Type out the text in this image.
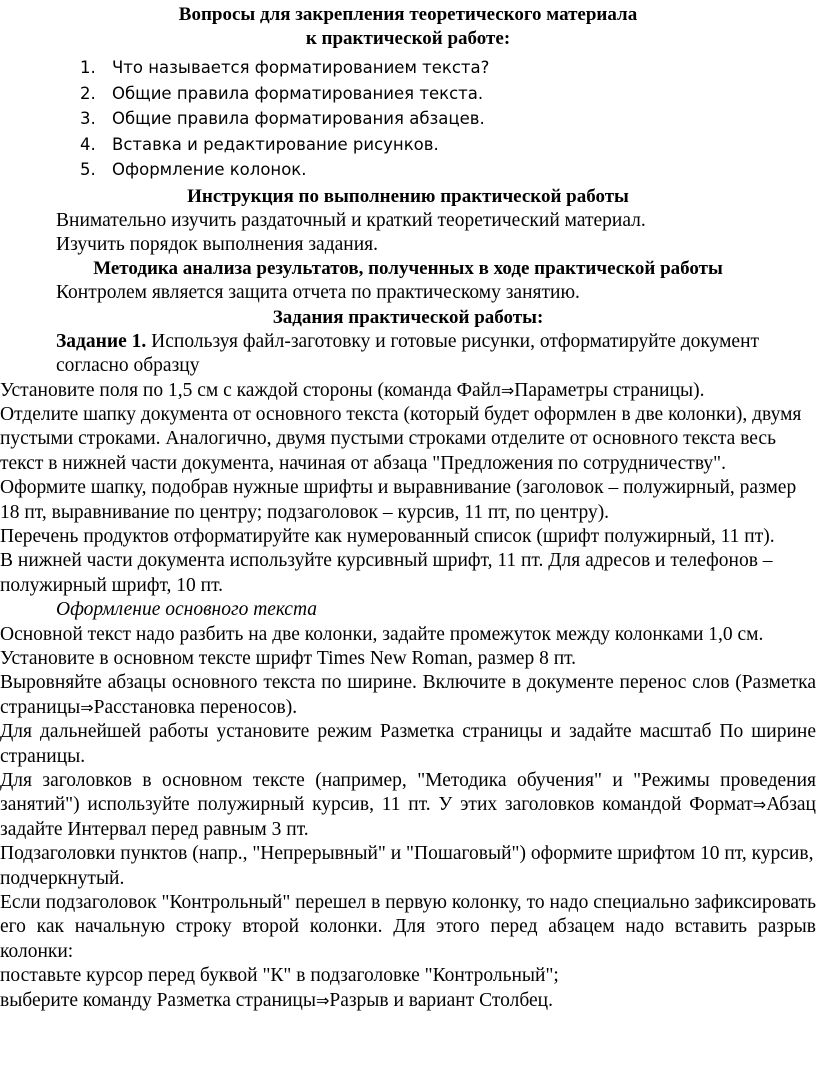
Вопросы для закрепления теоретического материала
к практической работе:
1. Что называется форматированием текста?
2. Общие правила форматированиея текста.
3. Общие правила форматирования абзацев.
4. Вставка и редактирование рисунков.
5. Оформление колонок.
Инструкция по выполнению практической работы

Внимательно изучить раздаточный и краткий теоретический материал.

Изучить порядок выполнения задания.

Методика анализа результатов, полученных в ходе практической работы

Контролем является защита отчета по практическому занятию.

Задания практической работы:

Задание 1. Используя файл-заготовку и готовые рисунки, отформатируйте документ согласно образцу

Установите поля по 1,5 см с каждой стороны (команда Файл⇒Параметры страницы).

Отделите шапку документа от основного текста (который будет оформлен в две колонки), двумя пустыми строками. Аналогично, двумя пустыми строками отделите от основного текста весь текст в нижней части документа, начиная от абзаца "Предложения по сотрудничеству".

Оформите шапку, подобрав нужные шрифты и выравнивание (заголовок – полужирный, размер 18 пт, выравнивание по центру; подзаголовок – курсив, 11 пт, по центру).

Перечень продуктов отформатируйте как нумерованный список (шрифт полужирный, 11 пт).

В нижней части документа используйте курсивный шрифт, 11 пт. Для адресов и телефонов – полужирный шрифт, 10 пт.

Оформление основного текста

Основной текст надо разбить на две колонки, задайте промежуток между колонками 1,0 см.

Установите в основном тексте шрифт Times New Roman, размер 8 пт.

Выровняйте абзацы основного текста по ширине. Включите в документе перенос слов (Разметка страницы⇒Расстановка переносов).

Для дальнейшей работы установите режим Разметка страницы и задайте масштаб По ширине страницы.

Для заголовков в основном тексте (например, "Методика обучения" и "Режимы проведения занятий") используйте полужирный курсив, 11 пт. У этих заголовков командой Формат⇒Абзац задайте Интервал перед равным 3 пт.

Подзаголовки пунктов (напр., "Непрерывный" и "Пошаговый") оформите шрифтом 10 пт, курсив, подчеркнутый.

Если подзаголовок "Контрольный" перешел в первую колонку, то надо специально зафиксировать его как начальную строку второй колонки. Для этого перед абзацем надо вставить разрыв колонки:

поставьте курсор перед буквой "К" в подзаголовке "Контрольный";

выберите команду Разметка страницы⇒Разрыв и вариант Столбец.
